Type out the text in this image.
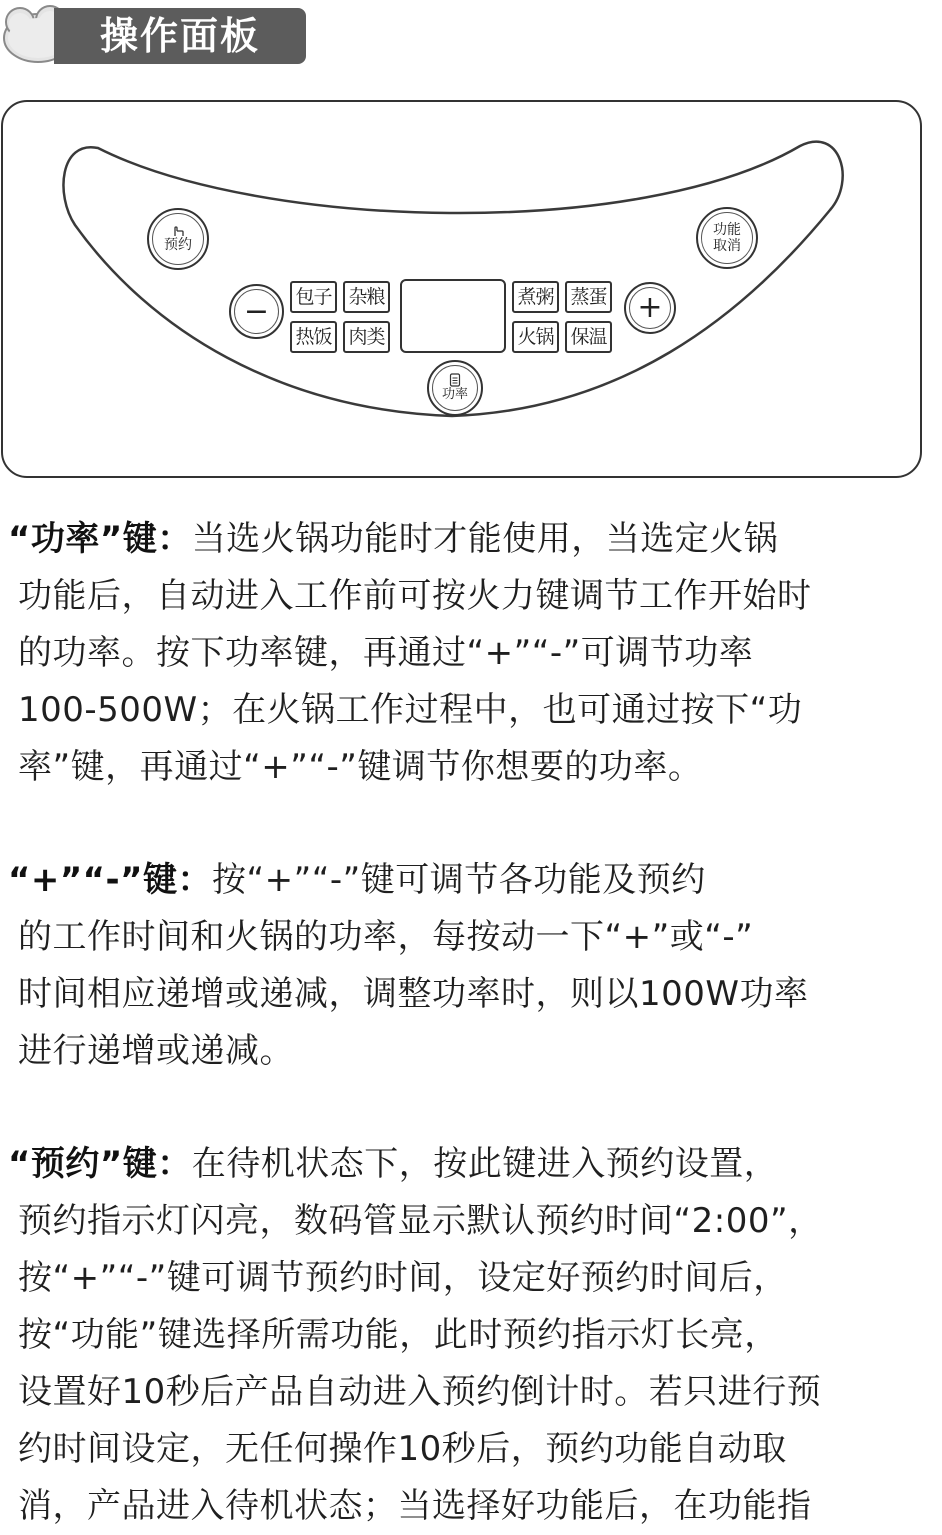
操作面板
预约
功能
取消
−	+
功率
包子 杂粮
热饭 肉类
煮粥 蒸蛋
火锅 保温
“功率”键：当选火锅功能时才能使用，当选定火锅
功能后，自动进入工作前可按火力键调节工作开始时
的功率。按下功率键，再通过“+”“-”可调节功率
100-500W；在火锅工作过程中，也可通过按下“功
率”键，再通过“+”“-”键调节你想要的功率。
“+”“-”键：按“+”“-”键可调节各功能及预约
的工作时间和火锅的功率，每按动一下“+”或“-”
时间相应递增或递减，调整功率时，则以100W功率
进行递增或递减。
“预约”键：在待机状态下，按此键进入预约设置，
预约指示灯闪亮，数码管显示默认预约时间“2:00”，
按“+”“-”键可调节预约时间，设定好预约时间后，
按“功能”键选择所需功能，此时预约指示灯长亮，
设置好10秒后产品自动进入预约倒计时。若只进行预
约时间设定，无任何操作10秒后，预约功能自动取
消，产品进入待机状态；当选择好功能后，在功能指
